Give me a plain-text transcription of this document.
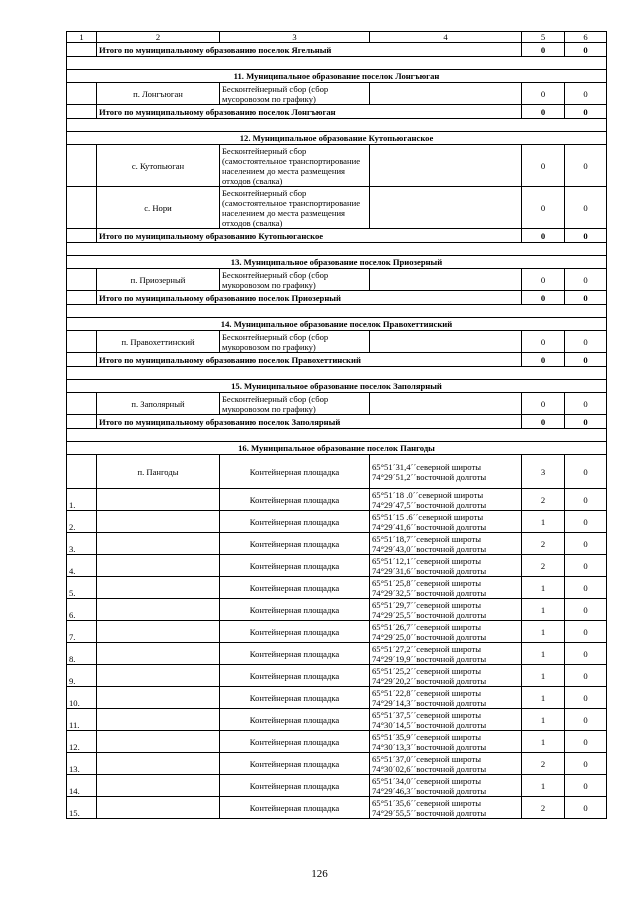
1	2	3	4	5	6
	Итого по муниципальному образованию поселок Ягельный			0	0

11. Муниципальное образование поселок Лонгъюган					
	п. Лонгъюган	Бесконтейнерный сбор (сбор мусоровозом по графику)		0	0
	Итого по муниципальному образованию поселок Лонгъюган			0	0

12. Муниципальное образование Кутопьюганское					
	с. Кутопьюган	Бесконтейнерный сбор (самостоятельное транспортирование населением до места размещения отходов (свалка)		0	0
	с. Нори	Бесконтейнерный сбор (самостоятельное транспортирование населением до места размещения отходов (свалка)		0	0
	Итого по муниципальному образованию Кутопьюганское			0	0

13. Муниципальное образование поселок Приозерный					
	п. Приозерный	Бесконтейнерный сбор (сбор мукоровозом по графику)		0	0
	Итого по муниципальному образованию поселок Приозерный			0	0

14. Муниципальное образование поселок Правохеттинский					
	п. Правохеттинский	Бесконтейнерный сбор (сбор мукоровозом по графику)		0	0
	Итого по муниципальному образованию поселок Правохеттинский			0	0

15. Муниципальное образование поселок Заполярный					
	п. Заполярный	Бесконтейнерный сбор (сбор мукоровозом по графику)		0	0
	Итого по муниципальному образованию поселок Заполярный			0	0

16. Муниципальное образование поселок Пангоды					
	п. Пангоды	Контейнерная площадка	65°51´31,4´´северной широты
74°29´51,2´´восточной долготы	3	0
1.		Контейнерная площадка	65°51´18 .0´´северной широты
74°29´47,5´´восточной долготы	2	0
2.		Контейнерная площадка	65°51´15 .6´´северной широты
74°29´41,6´´восточной долготы	1	0
3.		Контейнерная площадка	65°51´18,7´´северной широты
74°29´43,0´´восточной долготы	2	0
4.		Контейнерная площадка	65°51´12,1´´северной широты
74°29´31,6´´восточной долготы	2	0
5.		Контейнерная площадка	65°51´25,8´´северной широты
74°29´32,5´´восточной долготы	1	0
6.		Контейнерная площадка	65°51´29,7´´северной широты
74°29´25,5´´восточной долготы	1	0
7.		Контейнерная площадка	65°51´26,7´´северной широты
74°29´25,0´´восточной долготы	1	0
8.		Контейнерная площадка	65°51´27,2´´северной широты
74°29´19,9´´восточной долготы	1	0
9.		Контейнерная площадка	65°51´25,2´´северной широты
74°29´20,2´´восточной долготы	1	0
10.		Контейнерная площадка	65°51´22,8´´северной широты
74°29´14,3´´восточной долготы	1	0
11.		Контейнерная площадка	65°51´37,5´´северной широты
74°30´14,5´´восточной долготы	1	0
12.		Контейнерная площадка	65°51´35,9´´северной широты
74°30´13,3´´восточной долготы	1	0
13.		Контейнерная площадка	65°51´37,0´´северной широты
74°30´02,6´´восточной долготы	2	0
14.		Контейнерная площадка	65°51´34,0´´северной широты
74°29´46,3´´восточной долготы	1	0
15.		Контейнерная площадка	65°51´35,6´´северной широты
74°29´55,5´´восточной долготы	2	0
126
